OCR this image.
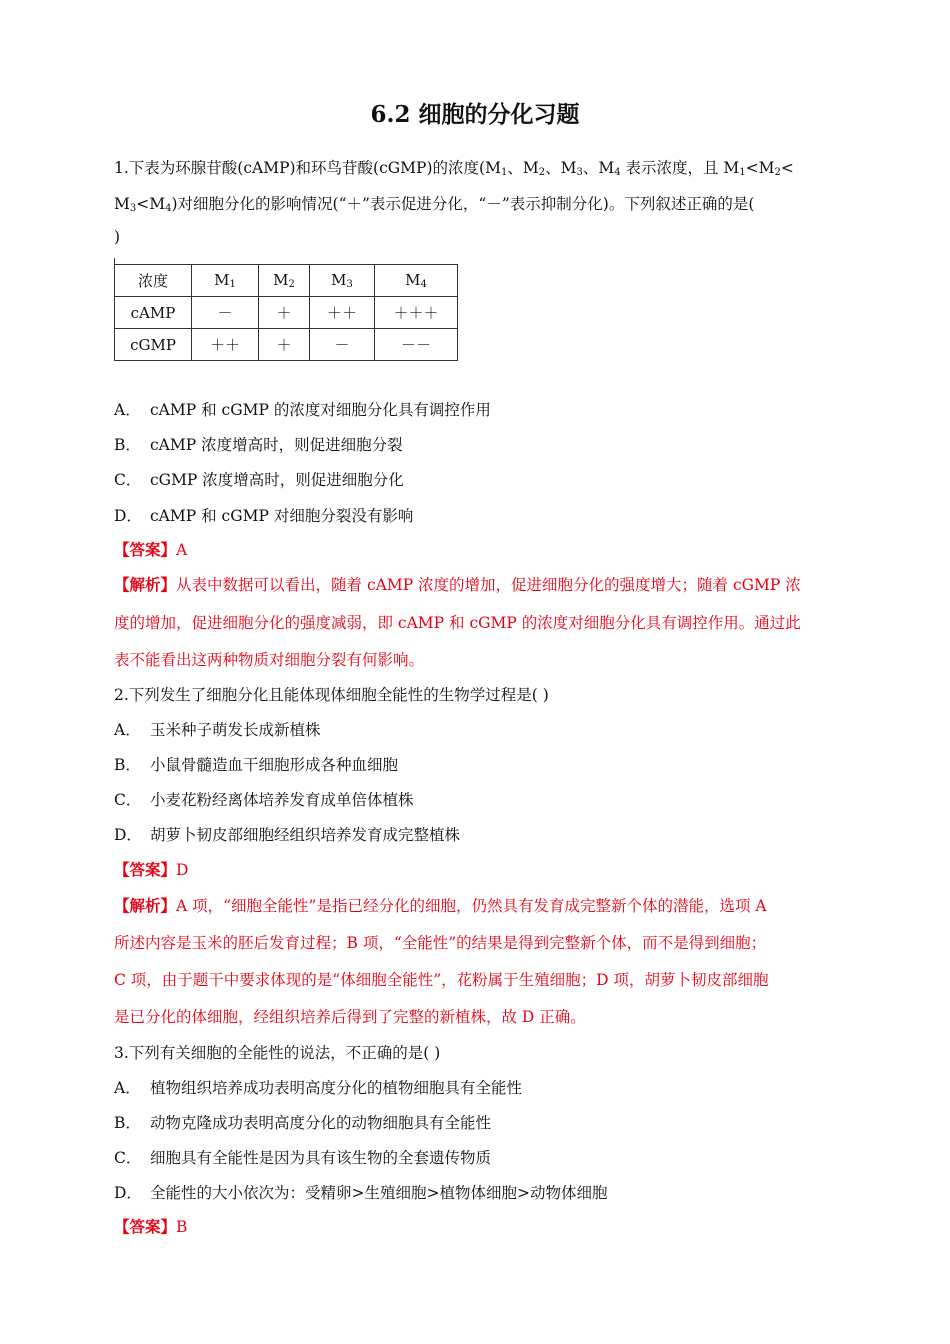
6.2 细胞的分化习题
1.下表为环腺苷酸(cAMP)和环鸟苷酸(cGMP)的浓度($M_1$、$M_2$、$M_3$、$M_4$ 表示浓度，且 $M_1<M_2<$
$M_3<M_4$)对细胞分化的影响情况(“＋”表示促进分化，“－”表示抑制分化)。下列叙述正确的是(
)
浓度	$M_1$	$M_2$	$M_3$	$M_4$
cAMP	－	＋	＋＋	＋＋＋
cGMP	＋＋	＋	－	－－
A． cAMP 和 cGMP 的浓度对细胞分化具有调控作用
B． cAMP 浓度增高时，则促进细胞分裂
C． cGMP 浓度增高时，则促进细胞分化
D． cAMP 和 cGMP 对细胞分裂没有影响
【答案】A
【解析】从表中数据可以看出，随着 cAMP 浓度的增加，促进细胞分化的强度增大；随着 cGMP 浓
度的增加，促进细胞分化的强度减弱，即 cAMP 和 cGMP 的浓度对细胞分化具有调控作用。通过此
表不能看出这两种物质对细胞分裂有何影响。
2.下列发生了细胞分化且能体现体细胞全能性的生物学过程是( )
A． 玉米种子萌发长成新植株
B． 小鼠骨髓造血干细胞形成各种血细胞
C． 小麦花粉经离体培养发育成单倍体植株
D． 胡萝卜韧皮部细胞经组织培养发育成完整植株
【答案】D
【解析】A 项，“细胞全能性”是指已经分化的细胞，仍然具有发育成完整新个体的潜能，选项 A
所述内容是玉米的胚后发育过程；B 项，“全能性”的结果是得到完整新个体，而不是得到细胞；
C 项，由于题干中要求体现的是“体细胞全能性”，花粉属于生殖细胞；D 项，胡萝卜韧皮部细胞
是已分化的体细胞，经组织培养后得到了完整的新植株，故 D 正确。
3.下列有关细胞的全能性的说法，不正确的是( )
A． 植物组织培养成功表明高度分化的植物细胞具有全能性
B． 动物克隆成功表明高度分化的动物细胞具有全能性
C． 细胞具有全能性是因为具有该生物的全套遗传物质
D． 全能性的大小依次为：受精卵>生殖细胞>植物体细胞>动物体细胞
【答案】B
